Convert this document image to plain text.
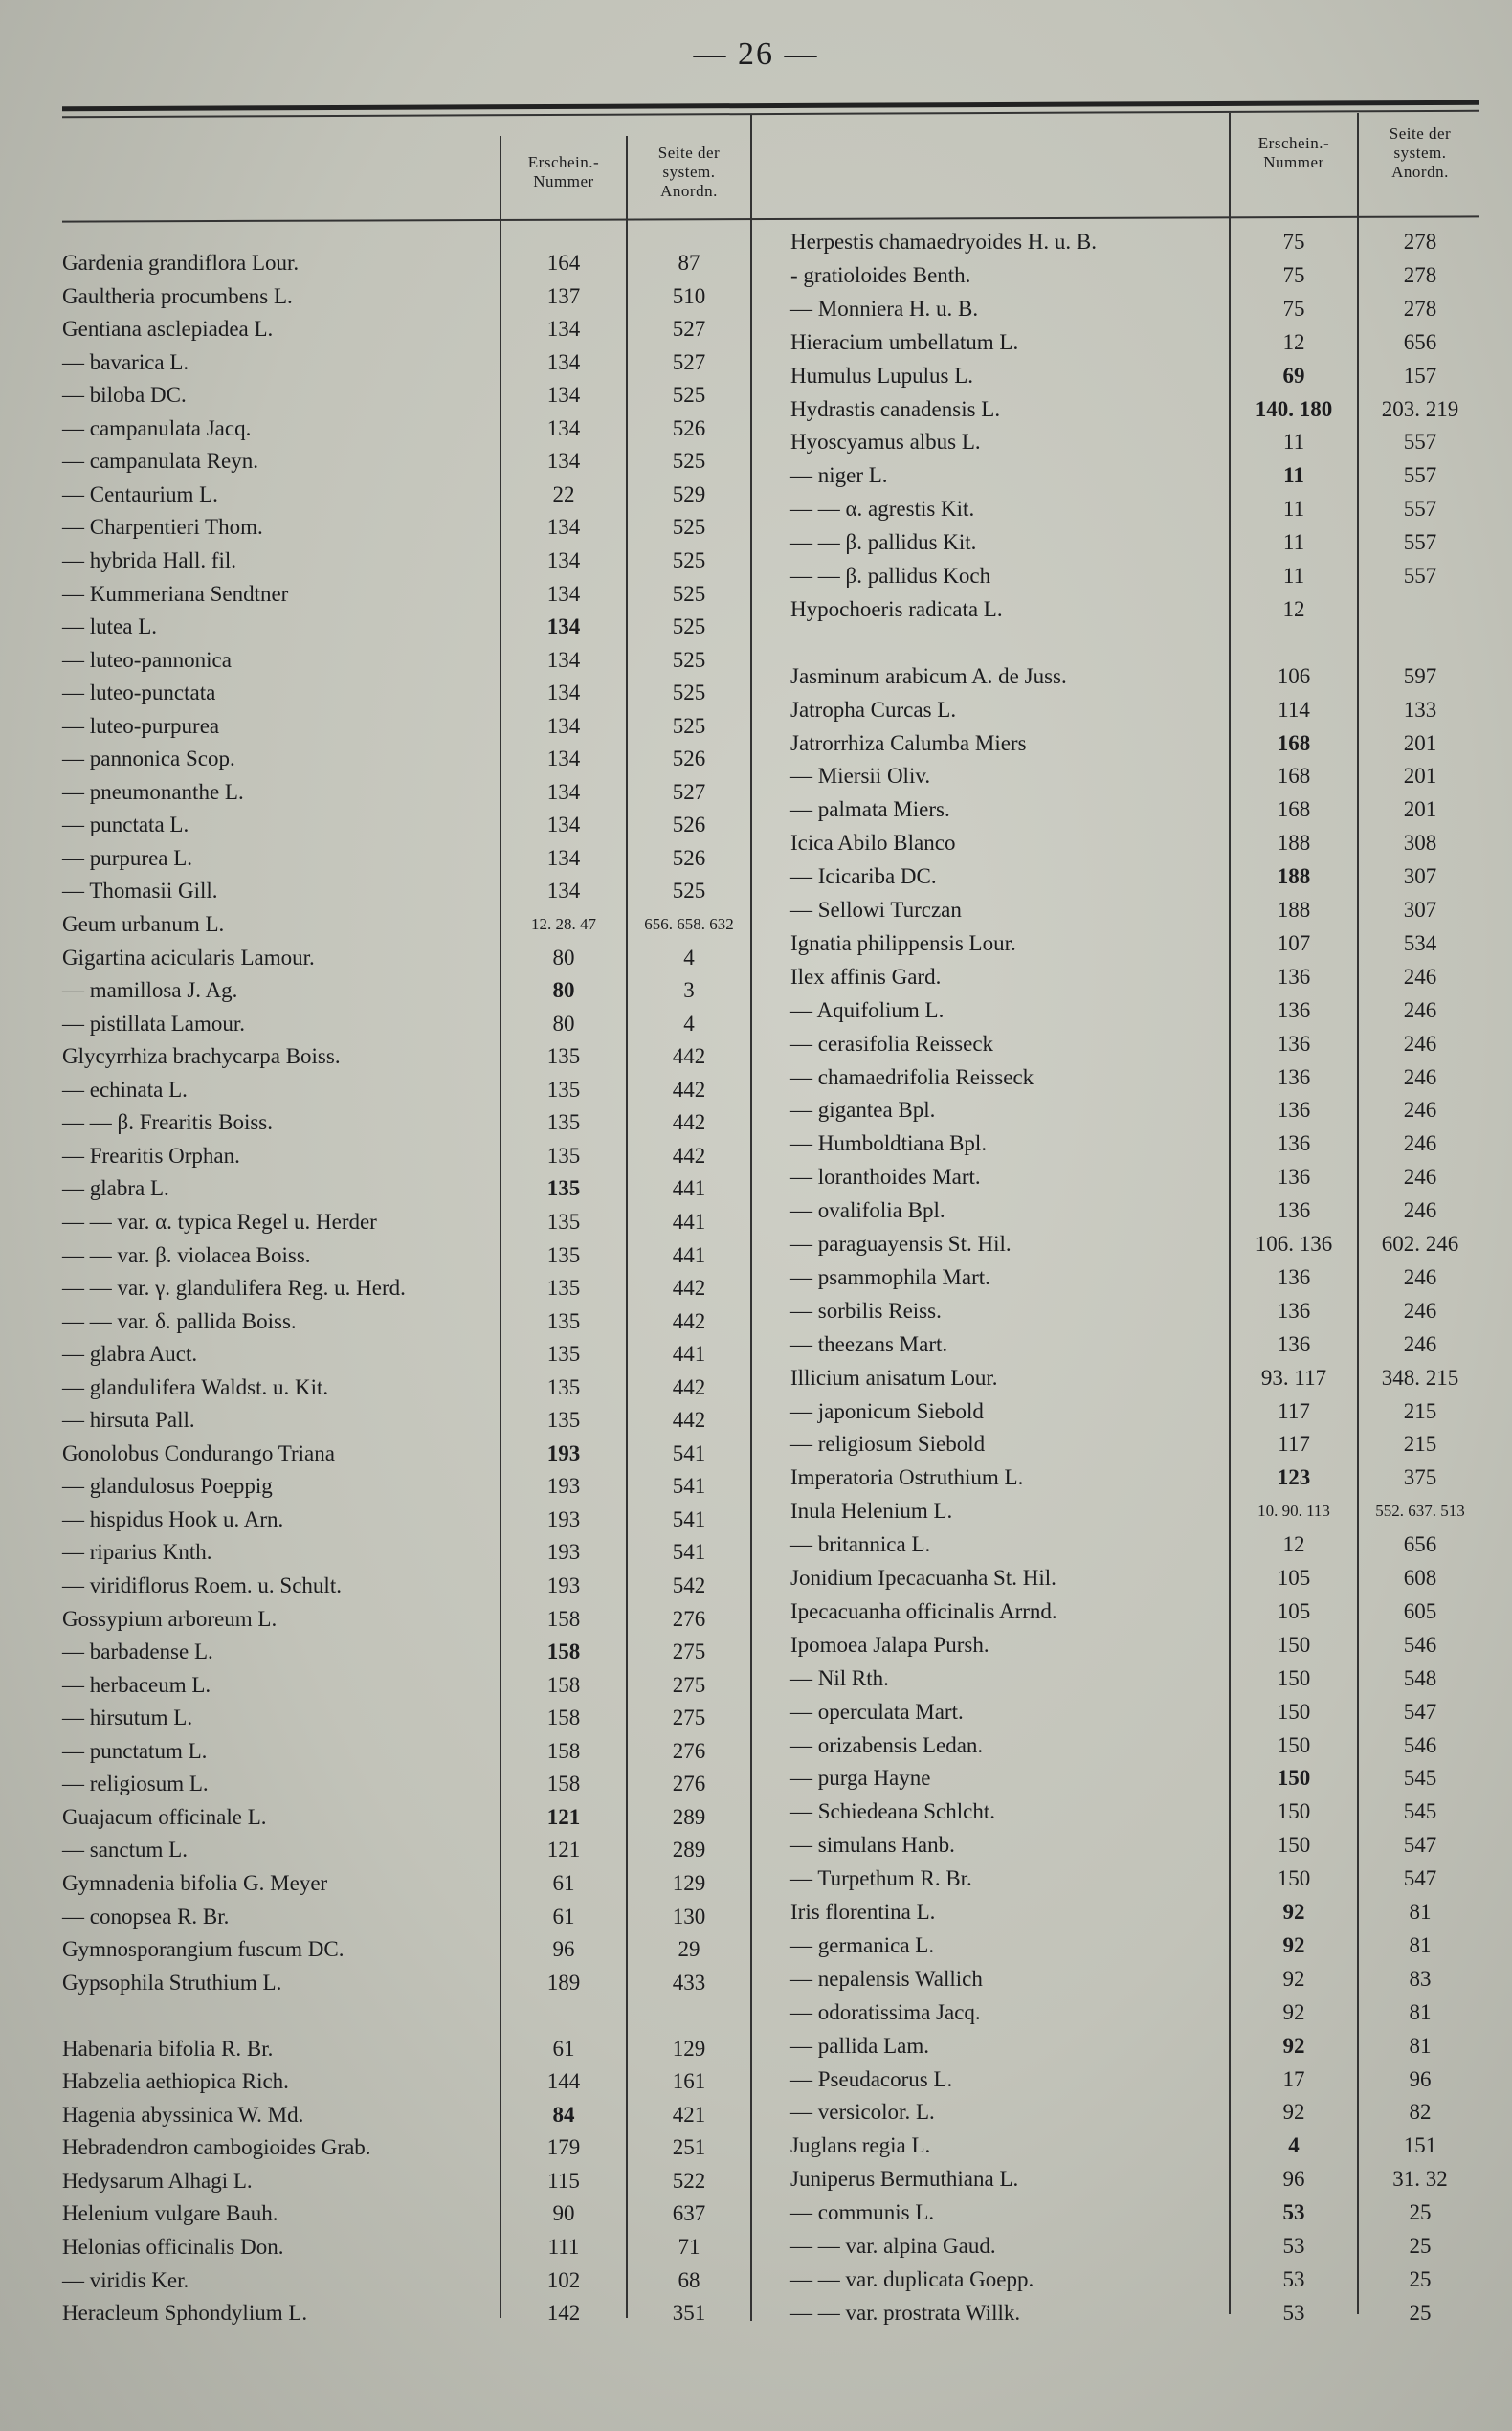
— 26 —
Erschein.-
Nummer
Seite der
system.
Anordn.
Erschein.-
Nummer
Seite der
system.
Anordn.
Gardenia grandiflora Lour.	164	87
Gaultheria procumbens L.	137	510
Gentiana asclepiadea L.	134	527
— bavarica L.	134	527
— biloba DC.	134	525
— campanulata Jacq.	134	526
— campanulata Reyn.	134	525
— Centaurium L.	22	529
— Charpentieri Thom.	134	525
— hybrida Hall. fil.	134	525
— Kummeriana Sendtner	134	525
— lutea L.	134	525
— luteo-pannonica	134	525
— luteo-punctata	134	525
— luteo-purpurea	134	525
— pannonica Scop.	134	526
— pneumonanthe L.	134	527
— punctata L.	134	526
— purpurea L.	134	526
— Thomasii Gill.	134	525
Geum urbanum L.	12. 28. 47	656. 658. 632
Gigartina acicularis Lamour.	80	4
— mamillosa J. Ag.	80	3
— pistillata Lamour.	80	4
Glycyrrhiza brachycarpa Boiss.	135	442
— echinata L.	135	442
— — β. Frearitis Boiss.	135	442
— Frearitis Orphan.	135	442
— glabra L.	135	441
— — var. α. typica Regel u. Herder	135	441
— — var. β. violacea Boiss.	135	441
— — var. γ. glandulifera Reg. u. Herd.	135	442
— — var. δ. pallida Boiss.	135	442
— glabra Auct.	135	441
— glandulifera Waldst. u. Kit.	135	442
— hirsuta Pall.	135	442
Gonolobus Condurango Triana	193	541
— glandulosus Poeppig	193	541
— hispidus Hook u. Arn.	193	541
— riparius Knth.	193	541
— viridiflorus Roem. u. Schult.	193	542
Gossypium arboreum L.	158	276
— barbadense L.	158	275
— herbaceum L.	158	275
— hirsutum L.	158	275
— punctatum L.	158	276
— religiosum L.	158	276
Guajacum officinale L.	121	289
— sanctum L.	121	289
Gymnadenia bifolia G. Meyer	61	129
— conopsea R. Br.	61	130
Gymnosporangium fuscum DC.	96	29
Gypsophila Struthium L.	189	433
Habenaria bifolia R. Br.	61	129
Habzelia aethiopica Rich.	144	161
Hagenia abyssinica W. Md.	84	421
Hebradendron cambogioides Grab.	179	251
Hedysarum Alhagi L.	115	522
Helenium vulgare Bauh.	90	637
Helonias officinalis Don.	111	71
— viridis Ker.	102	68
Heracleum Sphondylium L.	142	351
Herpestis chamaedryoides H. u. B.	75	278
- gratioloides Benth.	75	278
— Monniera H. u. B.	75	278
Hieracium umbellatum L.	12	656
Humulus Lupulus L.	69	157
Hydrastis canadensis L.	140. 180	203. 219
Hyoscyamus albus L.	11	557
— niger L.	11	557
— — α. agrestis Kit.	11	557
— — β. pallidus Kit.	11	557
— — β. pallidus Koch	11	557
Hypochoeris radicata L.	12
Jasminum arabicum A. de Juss.	106	597
Jatropha Curcas L.	114	133
Jatrorrhiza Calumba Miers	168	201
— Miersii Oliv.	168	201
— palmata Miers.	168	201
Icica Abilo Blanco	188	308
— Icicariba DC.	188	307
— Sellowi Turczan	188	307
Ignatia philippensis Lour.	107	534
Ilex affinis Gard.	136	246
— Aquifolium L.	136	246
— cerasifolia Reisseck	136	246
— chamaedrifolia Reisseck	136	246
— gigantea Bpl.	136	246
— Humboldtiana Bpl.	136	246
— loranthoides Mart.	136	246
— ovalifolia Bpl.	136	246
— paraguayensis St. Hil.	106. 136	602. 246
— psammophila Mart.	136	246
— sorbilis Reiss.	136	246
— theezans Mart.	136	246
Illicium anisatum Lour.	93. 117	348. 215
— japonicum Siebold	117	215
— religiosum Siebold	117	215
Imperatoria Ostruthium L.	123	375
Inula Helenium L.	10. 90. 113	552. 637. 513
— britannica L.	12	656
Jonidium Ipecacuanha St. Hil.	105	608
Ipecacuanha officinalis Arrnd.	105	605
Ipomoea Jalapa Pursh.	150	546
— Nil Rth.	150	548
— operculata Mart.	150	547
— orizabensis Ledan.	150	546
— purga Hayne	150	545
— Schiedeana Schlcht.	150	545
— simulans Hanb.	150	547
— Turpethum R. Br.	150	547
Iris florentina L.	92	81
— germanica L.	92	81
— nepalensis Wallich	92	83
— odoratissima Jacq.	92	81
— pallida Lam.	92	81
— Pseudacorus L.	17	96
— versicolor. L.	92	82
Juglans regia L.	4	151
Juniperus Bermuthiana L.	96	31. 32
— communis L.	53	25
— — var. alpina Gaud.	53	25
— — var. duplicata Goepp.	53	25
— — var. prostrata Willk.	53	25
